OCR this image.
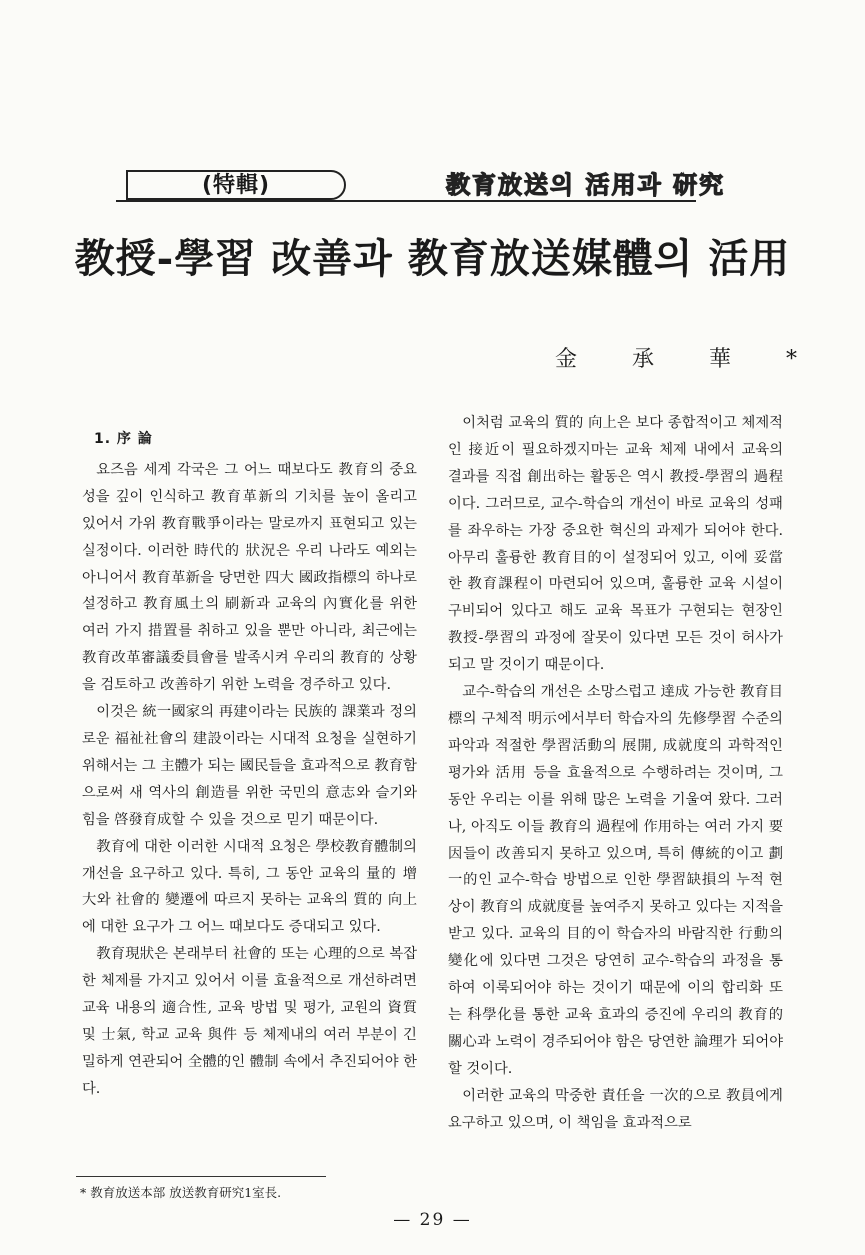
(特輯)	教育放送의 活用과 研究
教授-學習 改善과 教育放送媒體의 活用
金承華*
1. 序 論

요즈음 세계 각국은 그 어느 때보다도 教育의 중요성을 깊이 인식하고 教育革新의 기치를 높이 올리고 있어서 가위 教育戰爭이라는 말로까지 표현되고 있는 실정이다. 이러한 時代的 狀況은 우리 나라도 예외는 아니어서 教育革新을 당면한 四大 國政指標의 하나로 설정하고 教育風土의 刷新과 교육의 內實化를 위한 여러 가지 措置를 취하고 있을 뿐만 아니라, 최근에는 教育改革審議委員會를 발족시켜 우리의 教育的 상황을 검토하고 改善하기 위한 노력을 경주하고 있다.

이것은 統一國家의 再建이라는 民族的 課業과 정의로운 福祉社會의 建設이라는 시대적 요청을 실현하기 위해서는 그 主體가 되는 國民들을 효과적으로 教育함으로써 새 역사의 創造를 위한 국민의 意志와 슬기와 힘을 啓發育成할 수 있을 것으로 믿기 때문이다.

教育에 대한 이러한 시대적 요청은 學校教育體制의 개선을 요구하고 있다. 특히, 그 동안 교육의 量的 增大와 社會的 變遷에 따르지 못하는 교육의 質的 向上에 대한 요구가 그 어느 때보다도 증대되고 있다.

教育現狀은 본래부터 社會的 또는 心理的으로 복잡한 체제를 가지고 있어서 이를 효율적으로 개선하려면 교육 내용의 適合性, 교육 방법 및 평가, 교원의 資質 및 士氣, 학교 교육 與件 등 체제내의 여러 부분이 긴밀하게 연관되어 全體的인 體制 속에서 추진되어야 한다.

이처럼 교육의 質的 向上은 보다 종합적이고 체제적인 接近이 필요하겠지마는 교육 체제 내에서 교육의 결과를 직접 創出하는 활동은 역시 教授-學習의 過程이다. 그러므로, 교수-학습의 개선이 바로 교육의 성패를 좌우하는 가장 중요한 혁신의 과제가 되어야 한다. 아무리 훌륭한 教育目的이 설정되어 있고, 이에 妥當한 教育課程이 마련되어 있으며, 훌륭한 교육 시설이 구비되어 있다고 해도 교육 목표가 구현되는 현장인 教授-學習의 과정에 잘못이 있다면 모든 것이 허사가 되고 말 것이기 때문이다.

교수-학습의 개선은 소망스럽고 達成 가능한 教育目標의 구체적 明示에서부터 학습자의 先修學習 수준의 파악과 적절한 學習活動의 展開, 成就度의 과학적인 평가와 活用 등을 효율적으로 수행하려는 것이며, 그 동안 우리는 이를 위해 많은 노력을 기울여 왔다. 그러나, 아직도 이들 教育의 過程에 作用하는 여러 가지 要因들이 改善되지 못하고 있으며, 특히 傳統的이고 劃一的인 교수-학습 방법으로 인한 學習缺損의 누적 현상이 教育의 成就度를 높여주지 못하고 있다는 지적을 받고 있다. 교육의 目的이 학습자의 바람직한 行動의 變化에 있다면 그것은 당연히 교수-학습의 과정을 통하여 이룩되어야 하는 것이기 때문에 이의 합리화 또는 科學化를 통한 교육 효과의 증진에 우리의 教育的 關心과 노력이 경주되어야 함은 당연한 論理가 되어야 할 것이다.

이러한 교육의 막중한 責任을 一次的으로 教員에게 요구하고 있으며, 이 책임을 효과적으로

* 教育放送本部 放送教育研究1室長.
— 29 —
